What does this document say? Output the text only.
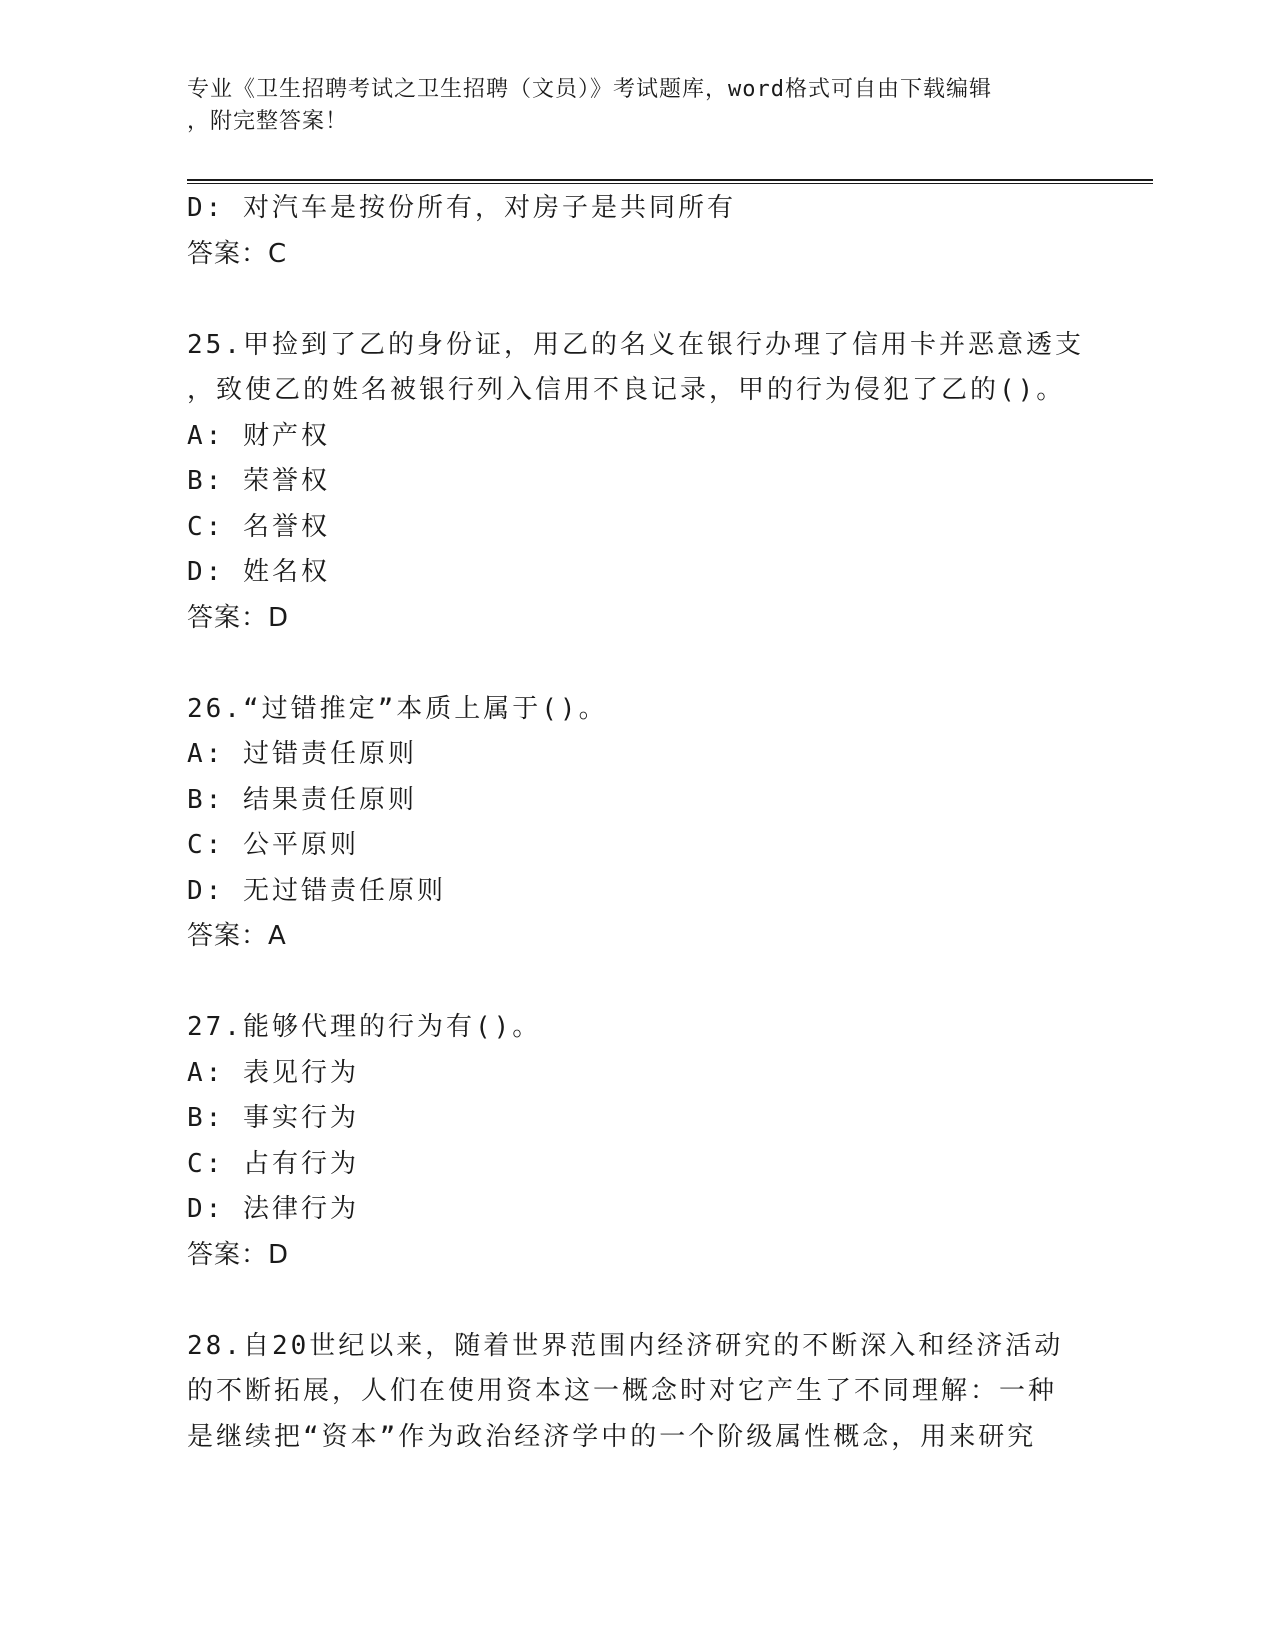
专业《卫生招聘考试之卫生招聘（文员）》考试题库，word格式可自由下载编辑
，附完整答案！
D: 对汽车是按份所有，对房子是共同所有
答案：C
25.甲捡到了乙的身份证，用乙的名义在银行办理了信用卡并恶意透支
，致使乙的姓名被银行列入信用不良记录，甲的行为侵犯了乙的()。
A: 财产权
B: 荣誉权
C: 名誉权
D: 姓名权
答案：D
26.“过错推定”本质上属于()。
A: 过错责任原则
B: 结果责任原则
C: 公平原则
D: 无过错责任原则
答案：A
27.能够代理的行为有()。
A: 表见行为
B: 事实行为
C: 占有行为
D: 法律行为
答案：D
28.自20世纪以来，随着世界范围内经济研究的不断深入和经济活动
的不断拓展，人们在使用资本这一概念时对它产生了不同理解：一种
是继续把“资本”作为政治经济学中的一个阶级属性概念，用来研究
